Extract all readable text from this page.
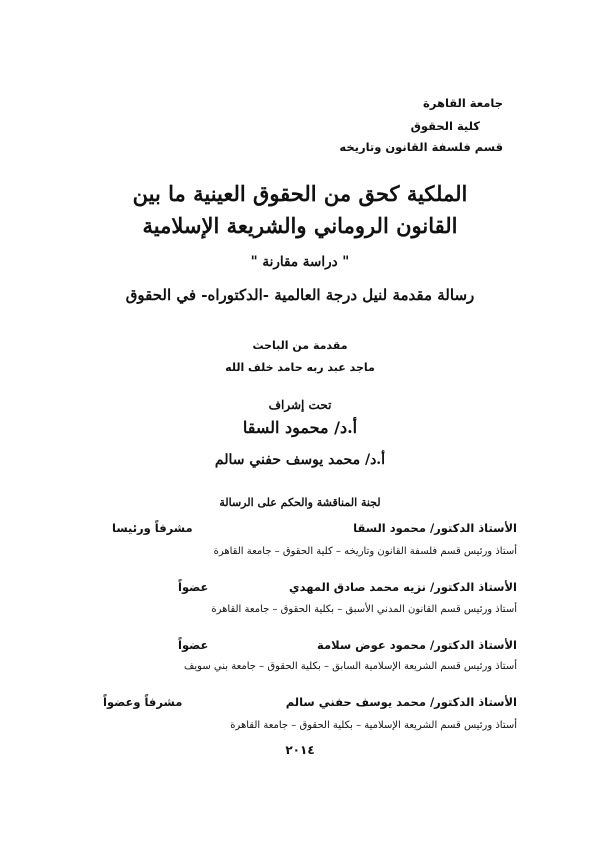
جامعة القاهرة
كلية الحقوق
قسم فلسفة القانون وتاريخه
الملكية كحق من الحقوق العينية ما بين
القانون الروماني والشريعة الإسلامية
" دراسة مقارنة "
رسالة مقدمة لنيل درجة العالمية -الدكتوراه- في الحقوق
مقدمة من الباحث
ماجد عبد ربه حامد خلف الله
تحت إشراف
أ.د/ محمود السقا
أ.د/ محمد يوسف حفني سالم
لجنة المناقشة والحكم على الرسالة
الأستاذ الدكتور/ محمود السقا
مشرفاً ورئيسا
أستاذ ورئيس قسم فلسفة القانون وتاريخه – كلية الحقوق – جامعة القاهرة
الأستاذ الدكتور/ نزيه محمد صادق المهدي
عضواً
أستاذ ورئيس قسم القانون المدني الأسبق – بكلية الحقوق – جامعة القاهرة
الأستاذ الدكتور/ محمود عوض سلامة
عضواً
أستاذ ورئيس قسم الشريعة الإسلامية السابق – بكلية الحقوق – جامعة بني سويف
الأستاذ الدكتور/ محمد يوسف حفني سالم
مشرفاً وعضواً
أستاذ ورئيس قسم الشريعة الإسلامية – بكلية الحقوق – جامعة القاهرة
٢٠١٤
